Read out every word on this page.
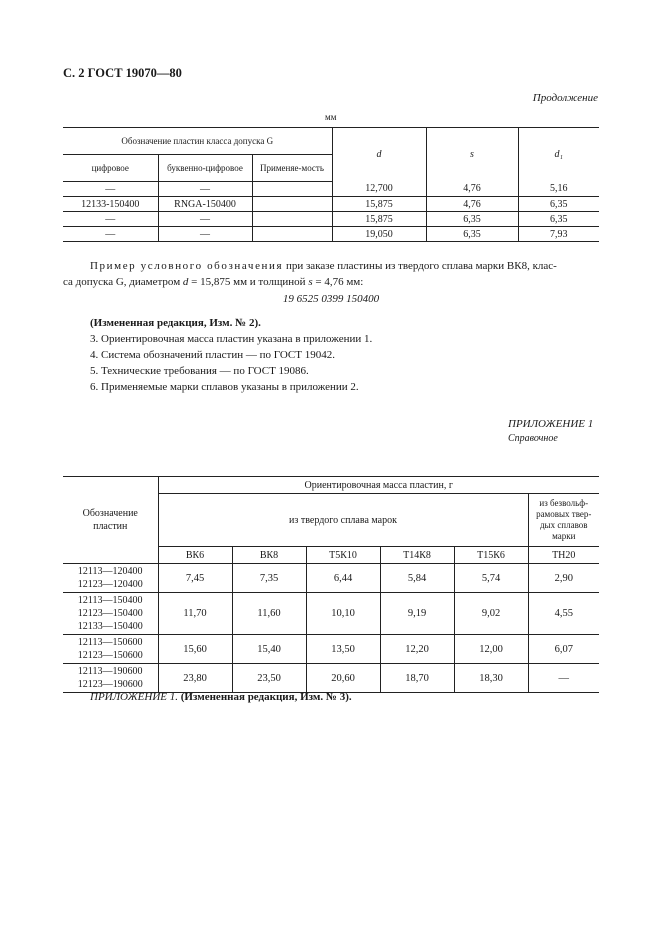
С. 2 ГОСТ 19070—80
Продолжение
мм
Обозначение пластин класса допуска G			d	s	d₁
цифровое	буквенно-цифровое	Применяе-мость			
—	—		12,700	4,76	5,16
12133-150400	RNGA-150400		15,875	4,76	6,35
—	—		15,875	6,35	6,35
—	—		19,050	6,35	7,93
Пример условного обозначения при заказе пластины из твердого сплава марки ВК8, клас-
са допуска G, диаметром d = 15,875 мм и толщиной s = 4,76 мм:
19 6525 0399 150400
(Измененная редакция, Изм. № 2).
3. Ориентировочная масса пластин указана в приложении 1.
4. Система обозначений пластин — по ГОСТ 19042.
5. Технические требования — по ГОСТ 19086.
6. Применяемые марки сплавов указаны в приложении 2.
ПРИЛОЖЕНИЕ 1
Справочное
Обозначение пластин	Ориентировочная масса пластин, г					
	из твердого сплава марок					из безвольф-рамовых твер-дых сплавов марки
	ВК6	ВК8	Т5К10	Т14К8	Т15К6	ТН20

12113—120400
12123—120400	7,45	7,35	6,44	5,84	5,74	2,90

12113—150400
12123—150400
12133—150400	11,70	11,60	10,10	9,19	9,02	4,55

12113—150600
12123—150600	15,60	15,40	13,50	12,20	12,00	6,07

12113—190600
12123—190600	23,80	23,50	20,60	18,70	18,30	—
ПРИЛОЖЕНИЕ 1. (Измененная редакция, Изм. № 3).
